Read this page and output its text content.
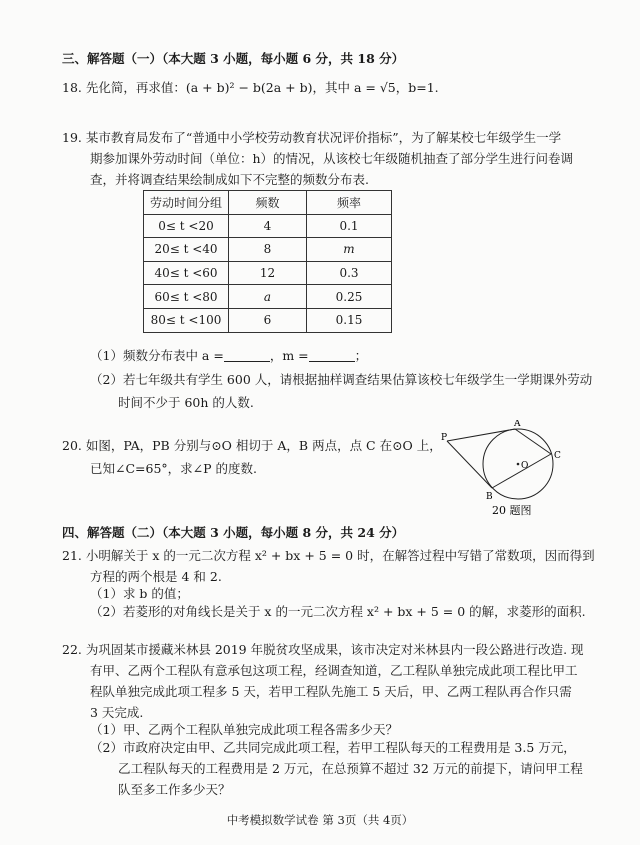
三、解答题（一）（本大题 3 小题，每小题 6 分，共 18 分）
18. 先化简，再求值：(a + b)² − b(2a + b)，其中 a = √5，b=1.
19. 某市教育局发布了“普通中小学校劳动教育状况评价指标”，为了解某校七年级学生一学
期参加课外劳动时间（单位：h）的情况，从该校七年级随机抽查了部分学生进行问卷调
查，并将调查结果绘制成如下不完整的频数分布表.
劳动时间分组	频数	频率
0≤ t <20	4	0.1
20≤ t <40	8	m
40≤ t <60	12	0.3
60≤ t <80	a	0.25
80≤ t <100	6	0.15
（1）频数分布表中 a =	，m =	；
（2）若七年级共有学生 600 人，请根据抽样调查结果估算该校七年级学生一学期课外劳动
时间不少于 60h 的人数.
20. 如图，PA，PB 分别与⊙O 相切于 A，B 两点，点 C 在⊙O 上，
已知∠C=65°，求∠P 的度数.
P
A
C
B
O
20 题图
四、解答题（二）（本大题 3 小题，每小题 8 分，共 24 分）
21. 小明解关于 x 的一元二次方程 x² + bx + 5 = 0 时，在解答过程中写错了常数项，因而得到
方程的两个根是 4 和 2.
（1）求 b 的值；
（2）若菱形的对角线长是关于 x 的一元二次方程 x² + bx + 5 = 0 的解，求菱形的面积.
22. 为巩固某市援藏米林县 2019 年脱贫攻坚成果，该市决定对米林县内一段公路进行改造. 现
有甲、乙两个工程队有意承包这项工程，经调查知道，乙工程队单独完成此项工程比甲工
程队单独完成此项工程多 5 天，若甲工程队先施工 5 天后，甲、乙两工程队再合作只需
3 天完成.
（1）甲、乙两个工程队单独完成此项工程各需多少天？
（2）市政府决定由甲、乙共同完成此项工程，若甲工程队每天的工程费用是 3.5 万元，
乙工程队每天的工程费用是 2 万元，在总预算不超过 32 万元的前提下，请问甲工程
队至多工作多少天？
中考模拟数学试卷 第 3页（共 4页）
